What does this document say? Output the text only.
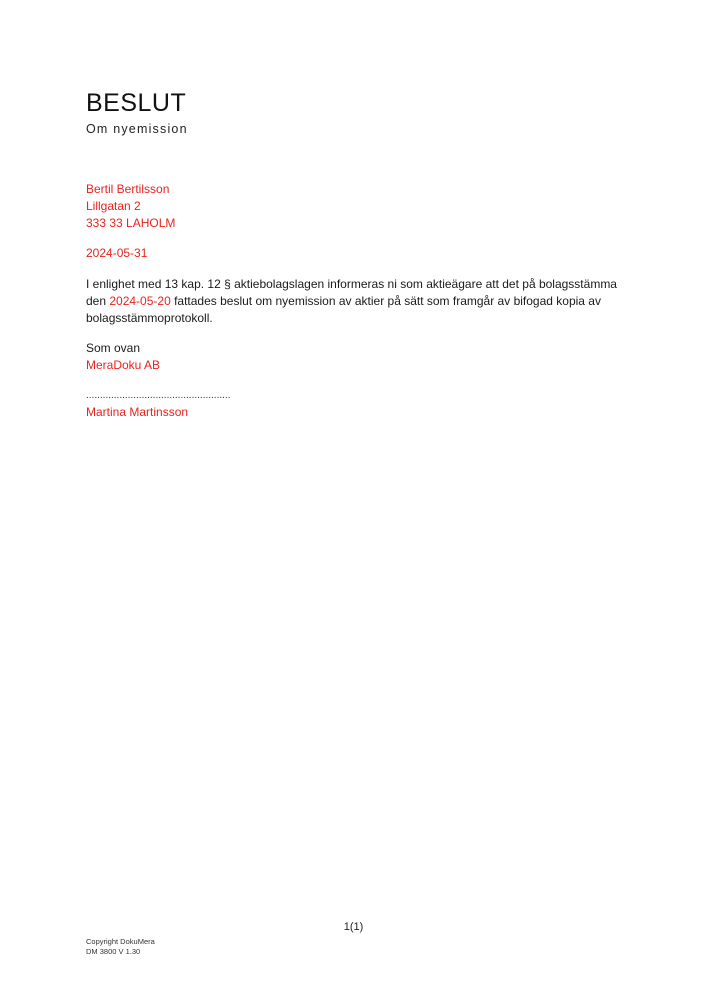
BESLUT
Om nyemission
Bertil Bertilsson
Lillgatan 2
333 33 LAHOLM
2024-05-31
I enlighet med 13 kap. 12 § aktiebolagslagen informeras ni som aktieägare att det på bolagsstämma den 2024-05-20 fattades beslut om nyemission av aktier på sätt som framgår av bifogad kopia av bolagsstämmoprotokoll.
Som ovan
MeraDoku AB
....................................................
Martina Martinsson
1(1)
Copyright DokuMera
DM 3800 V 1.30
